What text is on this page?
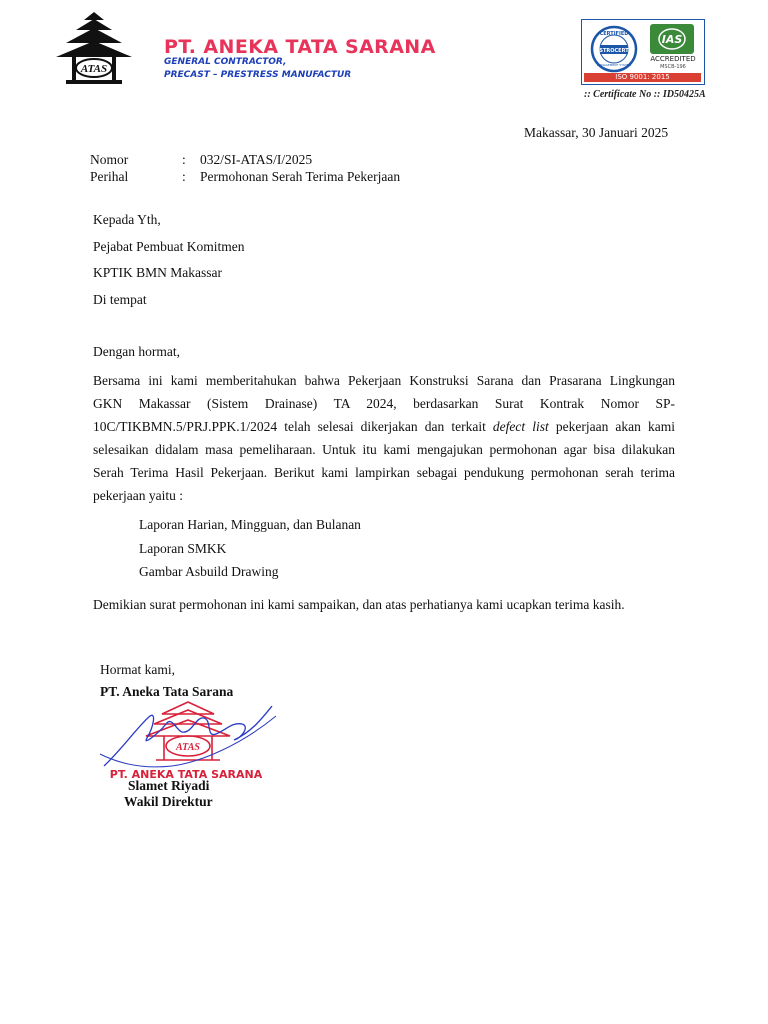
ATAS
PT. ANEKA TATA SARANA
GENERAL CONTRACTOR,
PRECAST – PRESTRESS MANUFACTUR
STROCERT
CERTIFIED
MANAGEMENT SYSTEM
IAS
ACCREDITED
MSCB-196
ISO 9001: 2015
:: Certificate No :: ID50425A
Makassar, 30 Januari 2025
Nomor	: 032/SI-ATAS/I/2025
Perihal	: Permohonan Serah Terima Pekerjaan
Kepada Yth,
Pejabat Pembuat Komitmen
KPTIK BMN Makassar
Di tempat
Dengan hormat,

Bersama ini kami memberitahukan bahwa Pekerjaan Konstruksi Sarana dan Prasarana Lingkungan
GKN Makassar (Sistem Drainase) TA 2024, berdasarkan Surat Kontrak Nomor SP-
10C/TIKBMN.5/PRJ.PPK.1/2024 telah selesai dikerjakan dan terkait defect list pekerjaan akan kami
selesaikan didalam masa pemeliharaan. Untuk itu kami mengajukan permohonan agar bisa dilakukan
Serah Terima Hasil Pekerjaan. Berikut kami lampirkan sebagai pendukung permohonan serah terima
pekerjaan yaitu :

Laporan Harian, Mingguan, dan Bulanan
Laporan SMKK
Gambar Asbuild Drawing
Demikian surat permohonan ini kami sampaikan, dan atas perhatianya kami ucapkan terima kasih.
Hormat kami,
PT. Aneka Tata Sarana
ATAS
PT. ANEKA TATA SARANA
Slamet Riyadi
Wakil Direktur
